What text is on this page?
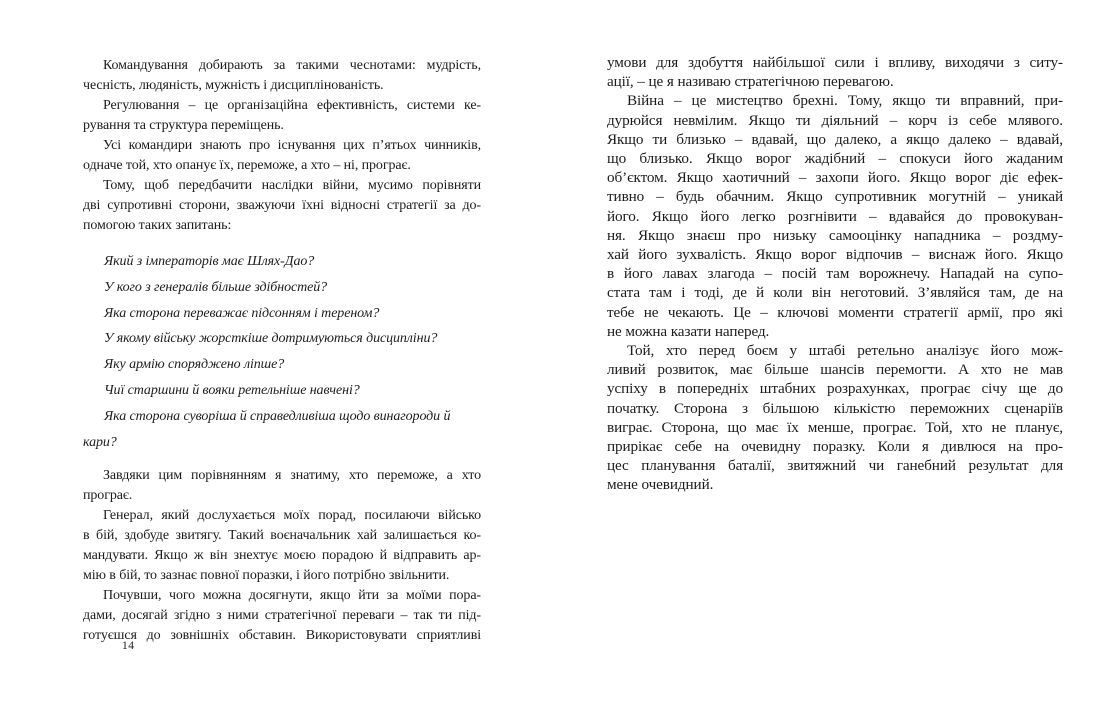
Командування добирають за такими чеснотами: мудрість,
чесність, людяність, мужність і дисциплінованість.
Регулювання – це організаційна ефективність, системи ке-
рування та структура переміщень.
Усі командири знають про існування цих п’ятьох чинників,
одначе той, хто опанує їх, переможе, а хто – ні, програє.
Тому, щоб передбачити наслідки війни, мусимо порівняти
дві супротивні сторони, зважуючи їхні відносні стратегії за до-
помогою таких запитань:
Який з імператорів має Шлях-Дао?
У кого з генералів більше здібностей?
Яка сторона переважає підсонням і тереном?
У якому війську жорсткіше дотримуються дисципліни?
Яку армію споряджено ліпше?
Чиї старшини й вояки ретельніше навчені?
Яка сторона суворіша й справедливіша щодо винагороди й кари?
Завдяки цим порівнянням я знатиму, хто переможе, а хто
програє.
Генерал, який дослухається моїх порад, посилаючи військо
в бій, здобуде звитягу. Такий воєначальник хай залишається ко-
мандувати. Якщо ж він знехтує моєю порадою й відправить ар-
мію в бій, то зазнає повної поразки, і його потрібно звільнити.
Почувши, чого можна досягнути, якщо йти за моїми пора-
дами, досягай згідно з ними стратегічної переваги – так ти під-
готуєшся до зовнішніх обставин. Використовувати сприятливі
умови для здобуття найбільшої сили і впливу, виходячи з ситу-
ації, – це я називаю стратегічною перевагою.
Війна – це мистецтво брехні. Тому, якщо ти вправний, при-
дурюйся невмілим. Якщо ти діяльний – корч із себе млявого.
Якщо ти близько – вдавай, що далеко, а якщо далеко – вдавай,
що близько. Якщо ворог жадібний – спокуси його жаданим
об’єктом. Якщо хаотичний – захопи його. Якщо ворог діє ефек-
тивно – будь обачним. Якщо супротивник могутній – уникай
його. Якщо його легко розгнівити – вдавайся до провокуван-
ня. Якщо знаєш про низьку самооцінку нападника – роздму-
хай його зухвалість. Якщо ворог відпочив – виснаж його. Якщо
в його лавах злагода – посій там ворожнечу. Нападай на супо-
стата там і тоді, де й коли він неготовий. З’являйся там, де на
тебе не чекають. Це – ключові моменти стратегії армії, про які
не можна казати наперед.
Той, хто перед боєм у штабі ретельно аналізує його мож-
ливий розвиток, має більше шансів перемогти. А хто не мав
успіху в попередніх штабних розрахунках, програє січу ще до
початку. Сторона з більшою кількістю переможних сценаріїв
виграє. Сторона, що має їх менше, програє. Той, хто не планує,
прирікає себе на очевидну поразку. Коли я дивлюся на про-
цес планування баталії, звитяжний чи ганебний результат для
мене очевидний.
14
